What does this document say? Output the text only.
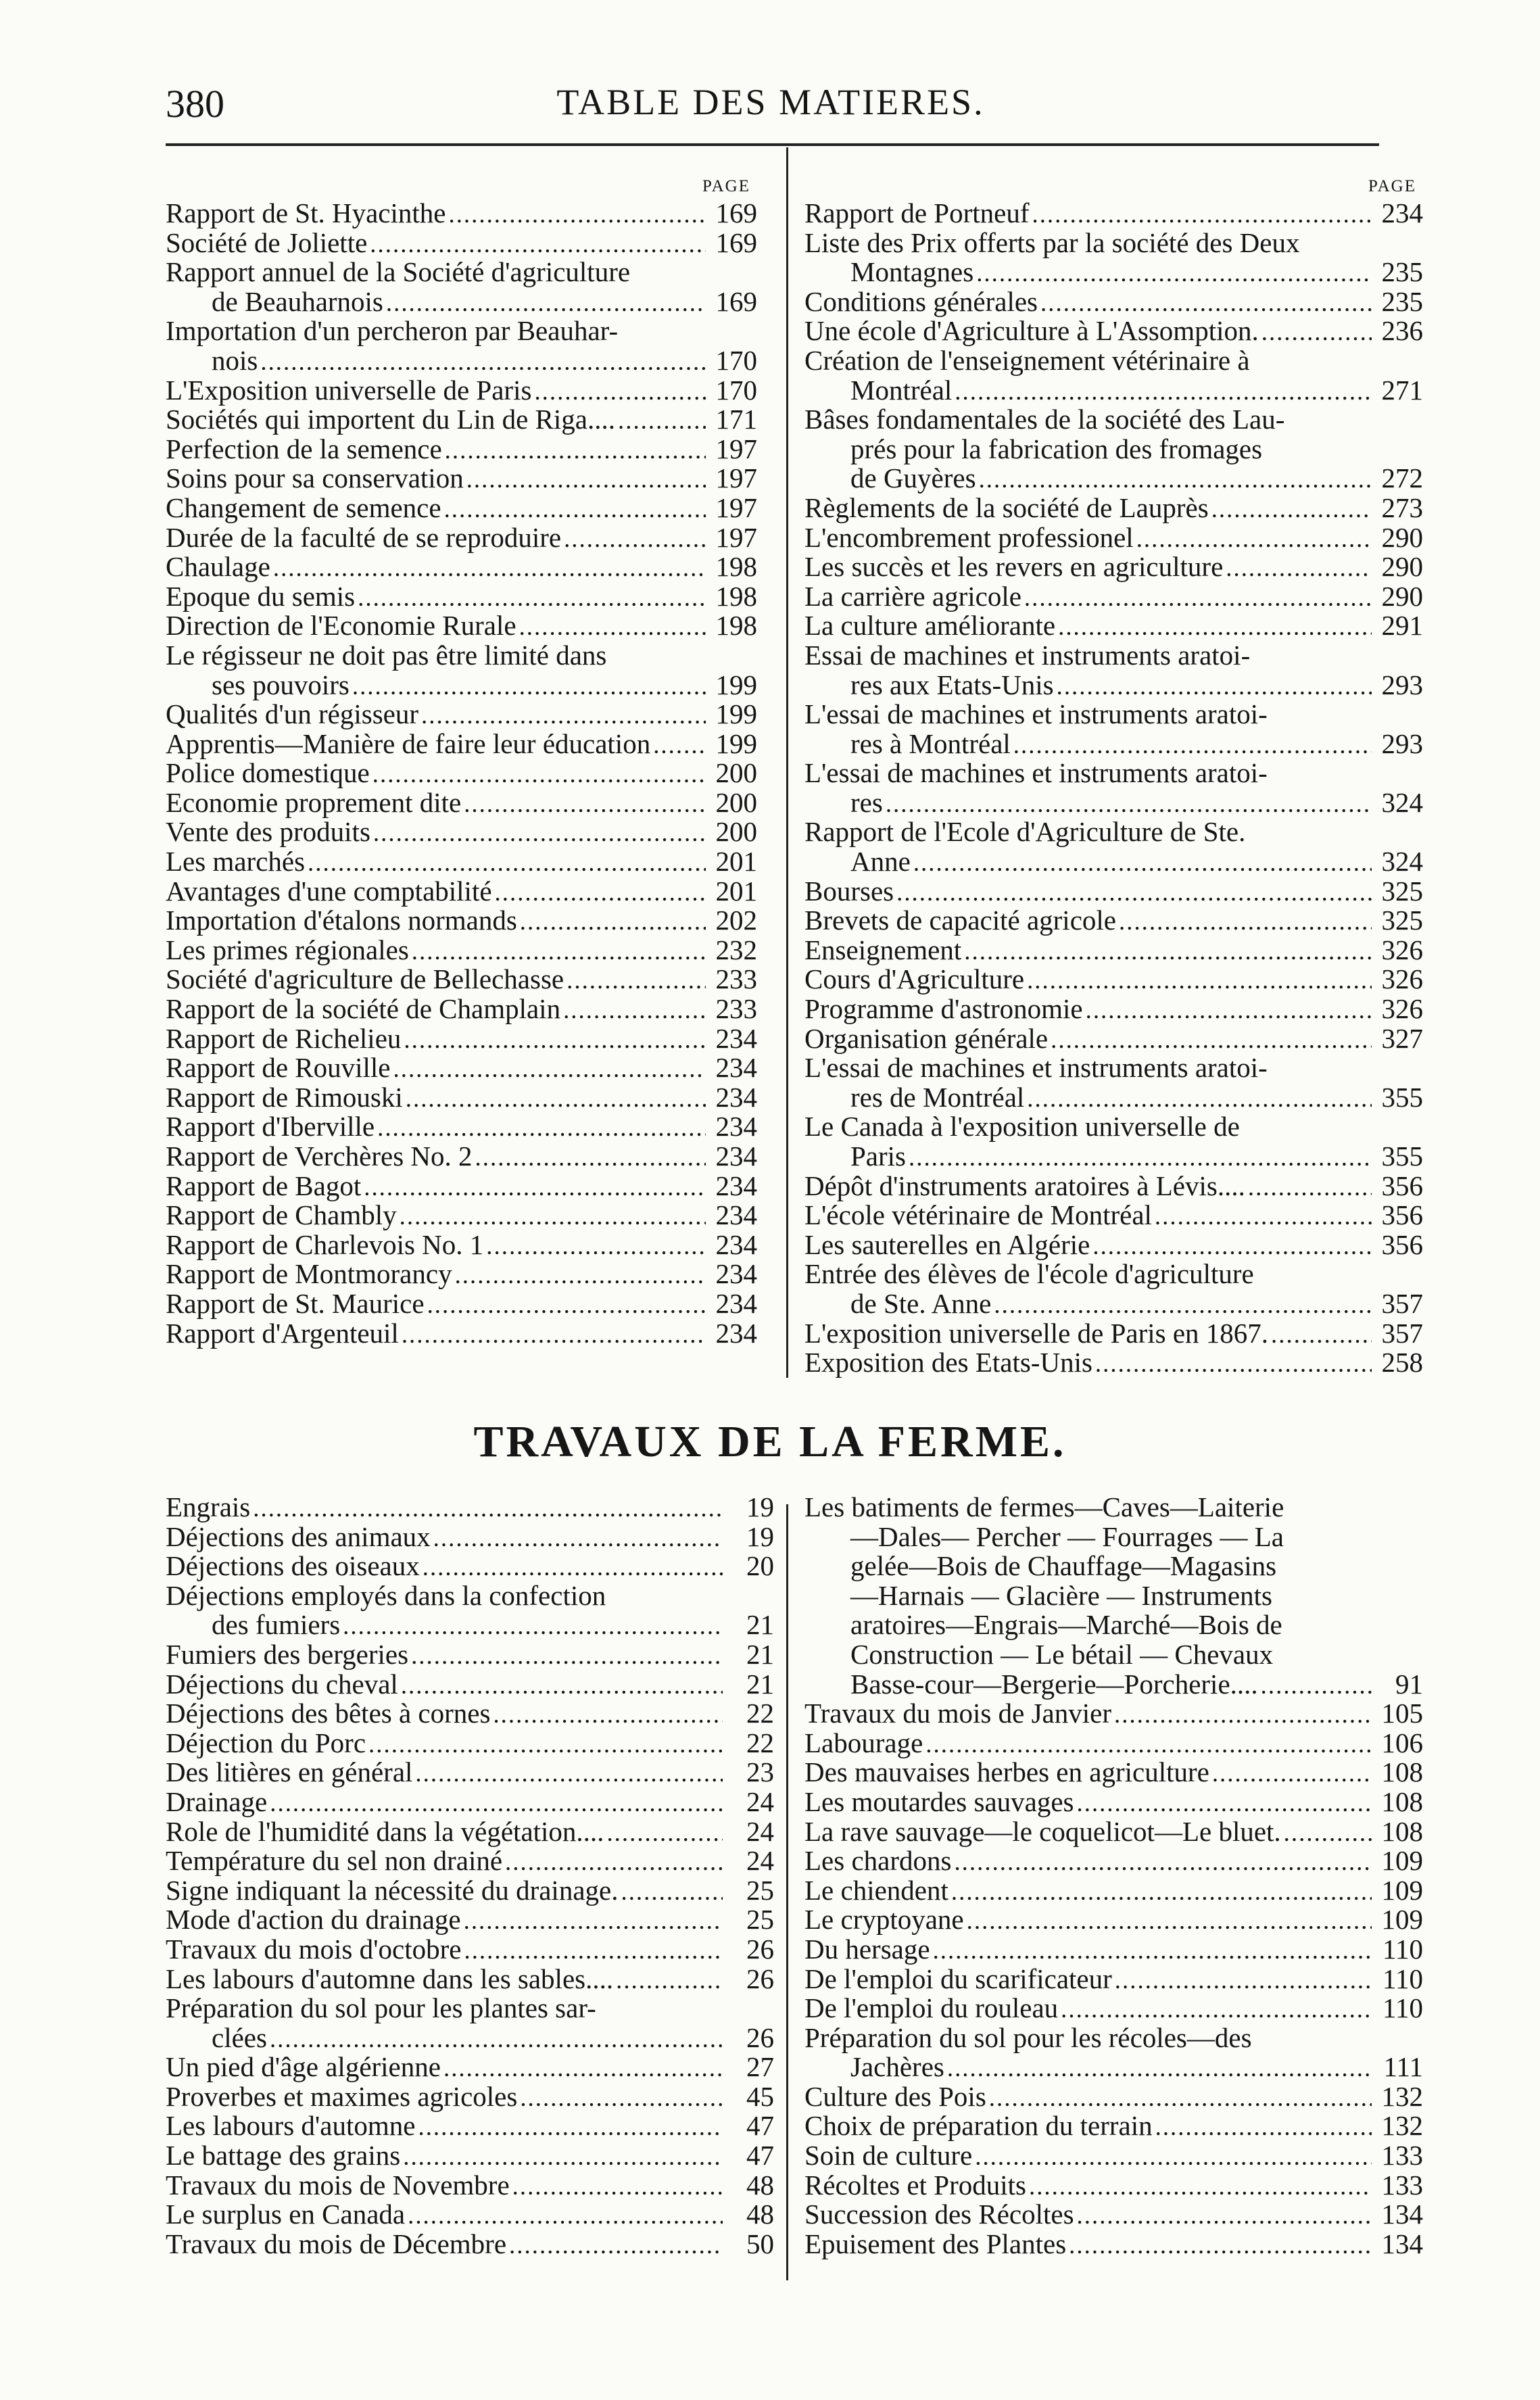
380	TABLE DES MATIERES.
PAGE
Rapport de St. Hyacinthe .....	169
Société de Joliette .....	169
Rapport annuel de la Société d'agriculture
de Beauharnois .....	169
Importation d'un percheron par Beauhar-
nois .....	170
L'Exposition universelle de Paris .....	170
Sociétés qui importent du Lin de Riga.... .....	171
Perfection de la semence .....	197
Soins pour sa conservation .....	197
Changement de semence .....	197
Durée de la faculté de se reproduire .....	197
Chaulage .....	198
Epoque du semis .....	198
Direction de l'Economie Rurale .....	198
Le régisseur ne doit pas être limité dans
ses pouvoirs .....	199
Qualités d'un régisseur .....	199
Apprentis—Manière de faire leur éducation ..... 199
Police domestique .....	200
Economie proprement dite .....	200
Vente des produits .....	200
Les marchés .....	201
Avantages d'une comptabilité .....	201
Importation d'étalons normands .....	202
Les primes régionales .....	232
Société d'agriculture de Bellechasse .....	233
Rapport de la société de Champlain .....	233
Rapport de Richelieu .....	234
Rapport de Rouville .....	234
Rapport de Rimouski .....	234
Rapport d'Iberville .....	234
Rapport de Verchères No. 2 .....	234
Rapport de Bagot .....	234
Rapport de Chambly .....	234
Rapport de Charlevois No. 1 .....	234
Rapport de Montmorancy .....	234
Rapport de St. Maurice .....	234
Rapport d'Argenteuil .....	234
PAGE
Rapport de Portneuf .....	234
Liste des Prix offerts par la société des Deux
Montagnes .....	235
Conditions générales .....	235
Une école d'Agriculture à L'Assomption. .....	236
Création de l'enseignement vétérinaire à
Montréal .....	271
Bâses fondamentales de la société des Lau-
prés pour la fabrication des fromages
de Guyères .....	272
Règlements de la société de Lauprès .....	273
L'encombrement professionel .....	290
Les succès et les revers en agriculture .....	290
La carrière agricole .....	290
La culture améliorante .....	291
Essai de machines et instruments aratoi-
res aux Etats-Unis .....	293
L'essai de machines et instruments aratoi-
res à Montréal .....	293
L'essai de machines et instruments aratoi-
res .....	324
Rapport de l'Ecole d'Agriculture de Ste.
Anne .....	324
Bourses .....	325
Brevets de capacité agricole .....	325
Enseignement .....	326
Cours d'Agriculture .....	326
Programme d'astronomie .....	326
Organisation générale .....	327
L'essai de machines et instruments aratoi-
res de Montréal .....	355
Le Canada à l'exposition universelle de
Paris .....	355
Dépôt d'instruments aratoires à Lévis.... .....	356
L'école vétérinaire de Montréal .....	356
Les sauterelles en Algérie .....	356
Entrée des élèves de l'école d'agriculture
de Ste. Anne .....	357
L'exposition universelle de Paris en 1867. .....	357
Exposition des Etats-Unis .....	258
TRAVAUX DE LA FERME.
Engrais .....	19
Déjections des animaux .....	19
Déjections des oiseaux .....	20
Déjections employés dans la confection
des fumiers .....	21
Fumiers des bergeries .....	21
Déjections du cheval .....	21
Déjections des bêtes à cornes .....	22
Déjection du Porc .....	22
Des litières en général .....	23
Drainage .....	24
Role de l'humidité dans la végétation.... .....	24
Température du sel non drainé .....	24
Signe indiquant la nécessité du drainage. .....	25
Mode d'action du drainage .....	25
Travaux du mois d'octobre .....	26
Les labours d'automne dans les sables.... .....	26
Préparation du sol pour les plantes sar-
clées .....	26
Un pied d'âge algérienne .....	27
Proverbes et maximes agricoles .....	45
Les labours d'automne .....	47
Le battage des grains .....	47
Travaux du mois de Novembre .....	48
Le surplus en Canada .....	48
Travaux du mois de Décembre .....	50
Les batiments de fermes—Caves—Laiterie
—Dales— Percher — Fourrages — La
gelée—Bois de Chauffage—Magasins
—Harnais — Glacière — Instruments
aratoires—Engrais—Marché—Bois de
Construction — Le bétail — Chevaux
Basse-cour—Bergerie—Porcherie.... .....	91
Travaux du mois de Janvier .....	105
Labourage .....	106
Des mauvaises herbes en agriculture .....	108
Les moutardes sauvages .....	108
La rave sauvage—le coquelicot—Le bluet. .....	108
Les chardons .....	109
Le chiendent .....	109
Le cryptoyane .....	109
Du hersage .....	110
De l'emploi du scarificateur .....	110
De l'emploi du rouleau .....	110
Préparation du sol pour les récoles—des
Jachères .....	111
Culture des Pois .....	132
Choix de préparation du terrain .....	132
Soin de culture .....	133
Récoltes et Produits .....	133
Succession des Récoltes .....	134
Epuisement des Plantes .....	134
